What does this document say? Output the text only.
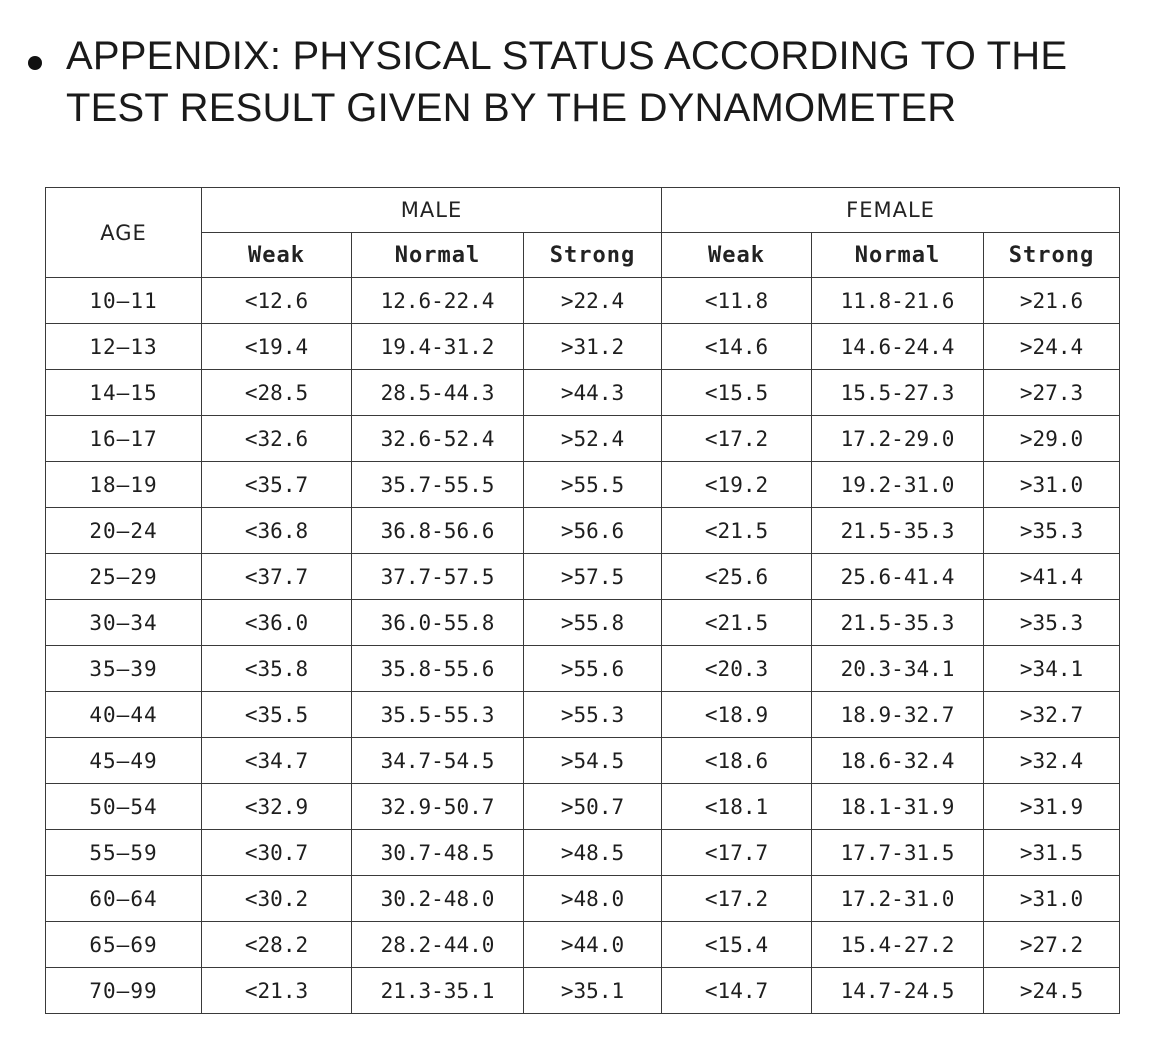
APPENDIX: PHYSICAL STATUS ACCORDING TO THE
TEST RESULT GIVEN BY THE DYNAMOMETER
AGE	MALE			FEMALE		
	Weak	Normal	Strong	Weak	Normal	Strong
10—11	<12.6	12.6-22.4	>22.4	<11.8	11.8-21.6	>21.6
12—13	<19.4	19.4-31.2	>31.2	<14.6	14.6-24.4	>24.4
14—15	<28.5	28.5-44.3	>44.3	<15.5	15.5-27.3	>27.3
16—17	<32.6	32.6-52.4	>52.4	<17.2	17.2-29.0	>29.0
18—19	<35.7	35.7-55.5	>55.5	<19.2	19.2-31.0	>31.0
20—24	<36.8	36.8-56.6	>56.6	<21.5	21.5-35.3	>35.3
25—29	<37.7	37.7-57.5	>57.5	<25.6	25.6-41.4	>41.4
30—34	<36.0	36.0-55.8	>55.8	<21.5	21.5-35.3	>35.3
35—39	<35.8	35.8-55.6	>55.6	<20.3	20.3-34.1	>34.1
40—44	<35.5	35.5-55.3	>55.3	<18.9	18.9-32.7	>32.7
45—49	<34.7	34.7-54.5	>54.5	<18.6	18.6-32.4	>32.4
50—54	<32.9	32.9-50.7	>50.7	<18.1	18.1-31.9	>31.9
55—59	<30.7	30.7-48.5	>48.5	<17.7	17.7-31.5	>31.5
60—64	<30.2	30.2-48.0	>48.0	<17.2	17.2-31.0	>31.0
65—69	<28.2	28.2-44.0	>44.0	<15.4	15.4-27.2	>27.2
70—99	<21.3	21.3-35.1	>35.1	<14.7	14.7-24.5	>24.5
